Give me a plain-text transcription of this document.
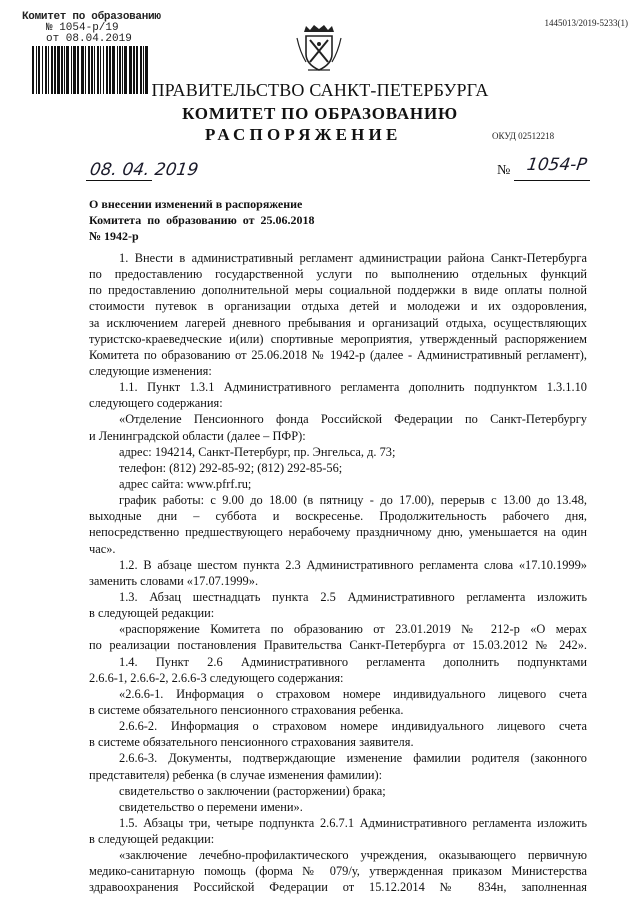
Комитет по образованию
№ 1054-р/19
от 08.04.2019
1445013/2019-5233(1)
ПРАВИТЕЛЬСТВО САНКТ-ПЕТЕРБУРГА
КОМИТЕТ ПО ОБРАЗОВАНИЮ
РАСПОРЯЖЕНИЕ	ОКУД 02512218
08. 04. 2019	№ 1054-Р
О внесении изменений в распоряжение
Комитета по образованию от 25.06.2018
№ 1942-р
1. Внести в административный регламент администрации района Санкт-Петербурга
по предоставлению государственной услуги по выполнению отдельных функций
по предоставлению дополнительной меры социальной поддержки в виде оплаты полной
стоимости путевок в организации отдыха детей и молодежи и их оздоровления,
за исключением лагерей дневного пребывания и организаций отдыха, осуществляющих
туристско-краеведческие и(или) спортивные мероприятия, утвержденный распоряжением
Комитета по образованию от 25.06.2018 № 1942-р (далее - Административный регламент),
следующие изменения:
1.1. Пункт 1.3.1 Административного регламента дополнить подпунктом 1.3.1.10
следующего содержания:
«Отделение Пенсионного фонда Российской Федерации по Санкт-Петербургу
и Ленинградской области (далее – ПФР):
адрес: 194214, Санкт-Петербург, пр. Энгельса, д. 73;
телефон: (812) 292-85-92; (812) 292-85-56;
адрес сайта: www.pfrf.ru;
график работы: с 9.00 до 18.00 (в пятницу - до 17.00), перерыв с 13.00 до 13.48,
выходные дни – суббота и воскресенье. Продолжительность рабочего дня,
непосредственно предшествующего нерабочему праздничному дню, уменьшается на один
час».
1.2. В абзаце шестом пункта 2.3 Административного регламента слова «17.10.1999»
заменить словами «17.07.1999».
1.3. Абзац шестнадцать пункта 2.5 Административного регламента изложить
в следующей редакции:
«распоряжение Комитета по образованию от 23.01.2019 № 212-р «О мерах
по реализации постановления Правительства Санкт-Петербурга от 15.03.2012 № 242».
1.4. Пункт 2.6 Административного регламента дополнить подпунктами
2.6.6-1, 2.6.6-2, 2.6.6-3 следующего содержания:
«2.6.6-1. Информация о страховом номере индивидуального лицевого счета
в системе обязательного пенсионного страхования ребенка.
2.6.6-2. Информация о страховом номере индивидуального лицевого счета
в системе обязательного пенсионного страхования заявителя.
2.6.6-3. Документы, подтверждающие изменение фамилии родителя (законного
представителя) ребенка (в случае изменения фамилии):
свидетельство о заключении (расторжении) брака;
свидетельство о перемени имени».
1.5. Абзацы три, четыре подпункта 2.6.7.1 Административного регламента изложить
в следующей редакции:
«заключение лечебно-профилактического учреждения, оказывающего первичную
медико-санитарную помощь (форма № 079/у, утвержденная приказом Министерства
здравоохранения Российской Федерации от 15.12.2014 № 834н, заполненная
